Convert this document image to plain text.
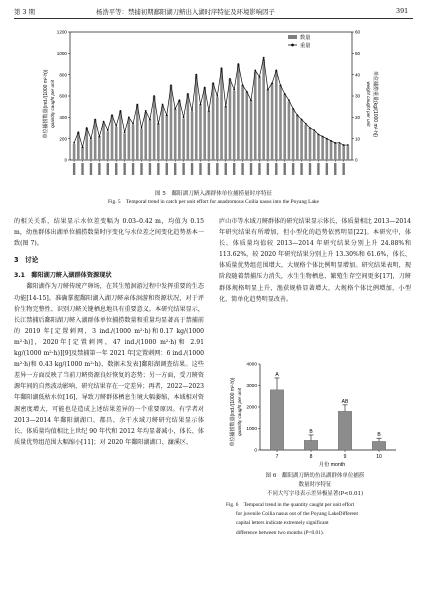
第 3 期	杨浩平等：禁捕初期鄱阳湖刀鲚出入湖时序特征及环境影响因子	391
0
200
400
600
800
1000
1200
0
10
20
30
40
50
60
单位捕捞数量(ind./(1000 m²·h)) quantity caught per unit	单位捕捞重量(kg/(1000 m²·h))
weight caught per unit
数量
重量
图 5　鄱阳湖刀鲚入湖群体单位捕捞量时序特征
Fig. 5　Temporal trend in catch per unit effort for anadromous Coilia nasus into the Poyang Lake

的相关关系，结果显示水位差变幅为 0.03–0.42 m，均值为 0.15 m，幼鱼群体出湖单位捕捞数量时序变化与水位差之间变化趋势基本一致(图 7)。

3　讨论
3.1　鄱阳湖刀鲚入湖群体资源现状

鄱阳湖作为刀鲚传统产卵场，在其生殖洄游过程中发挥重要的生态功能[14-15]。准确掌握鄱阳湖入湖刀鲚亲体洄游和资源状况，对于评价生物完整性、识别刀鲚关键栖息地具有重要意义。本研究结果显示，长江禁捕后鄱阳湖刀鲚入湖群体单位捕捞数量和重量均显著高于禁捕前的 2019 年[定置刺网，3 ind./(1000 m²·h)和0.17 kg/(1000 m²·h)]，2020年[定置刺网，47 ind./(1000 m²·h)和 2.91 kg/(1000 m²·h)][9]及禁捕第一年 2021 年[定置刺网：6 ind./(1000 m²·h)和 0.43 kg/(1000 m²·h)，数据未发表]鄱阳湖调查结果。这些差异一方面反映了当前刀鲚资源良好恢复的态势；另一方面，受刀鲚资源年间的自然波动影响，研究结果存在一定差异；再者，2022—2023 年鄱阳湖低枯水位[16]，导致刀鲚群体栖息生境大幅萎缩，本域相对资源密度增大，可能也是造成上述结果差异的一个重要原因。有学者对 2013—2014 年鄱阳湖湖口、都昌、余干水域刀鲚研究结果显示体长、体质量均值相比上世纪 90 年代和 2012 年均显著减小，体长、体质量优势组范围大幅缩小[11]；对 2020 年鄱阳湖湖口、濂溪区、

庐山市等水域刀鲚群体的研究结果显示体长、体质量相比 2013—2014 年研究结果有所增加，但小型化的趋势依然明显[22]。本研究中，体长、体质量均值较 2013—2014 年研究结果分别上升 24.88%和 113.62%，较 2020 年研究结果分别上升 13.30%和 61.6%，体长、体质量优势组范围增大，大规格个体比例明显增加。研究结果表明，现阶段随着禁捕压力消失，水生生物栖息、繁殖生存空间更多[17]，刀鲚群体规格明显上升，渔获规格显著增大，大规格个体比例增加，小型化、简单化趋势明显改善。

0
1000
2000
3000
4000
A
7
B
8
AB
9
B
10
单位捕捞数量(ind./(1000 m²·h)) quantity caught per unit
月份 month
图 6　鄱阳湖刀鲚幼鱼出湖群体单位捕捞
数量时序特征
不同大写字母表示差异极显著(P<0.01)
Fig. 6　Temporal trend in the quantity caught per unit effort
for juvenile Coilia nasus out of the Poyang LakeDifferent
capital letters indicate extremely significant
difference between two months (P<0.01).
